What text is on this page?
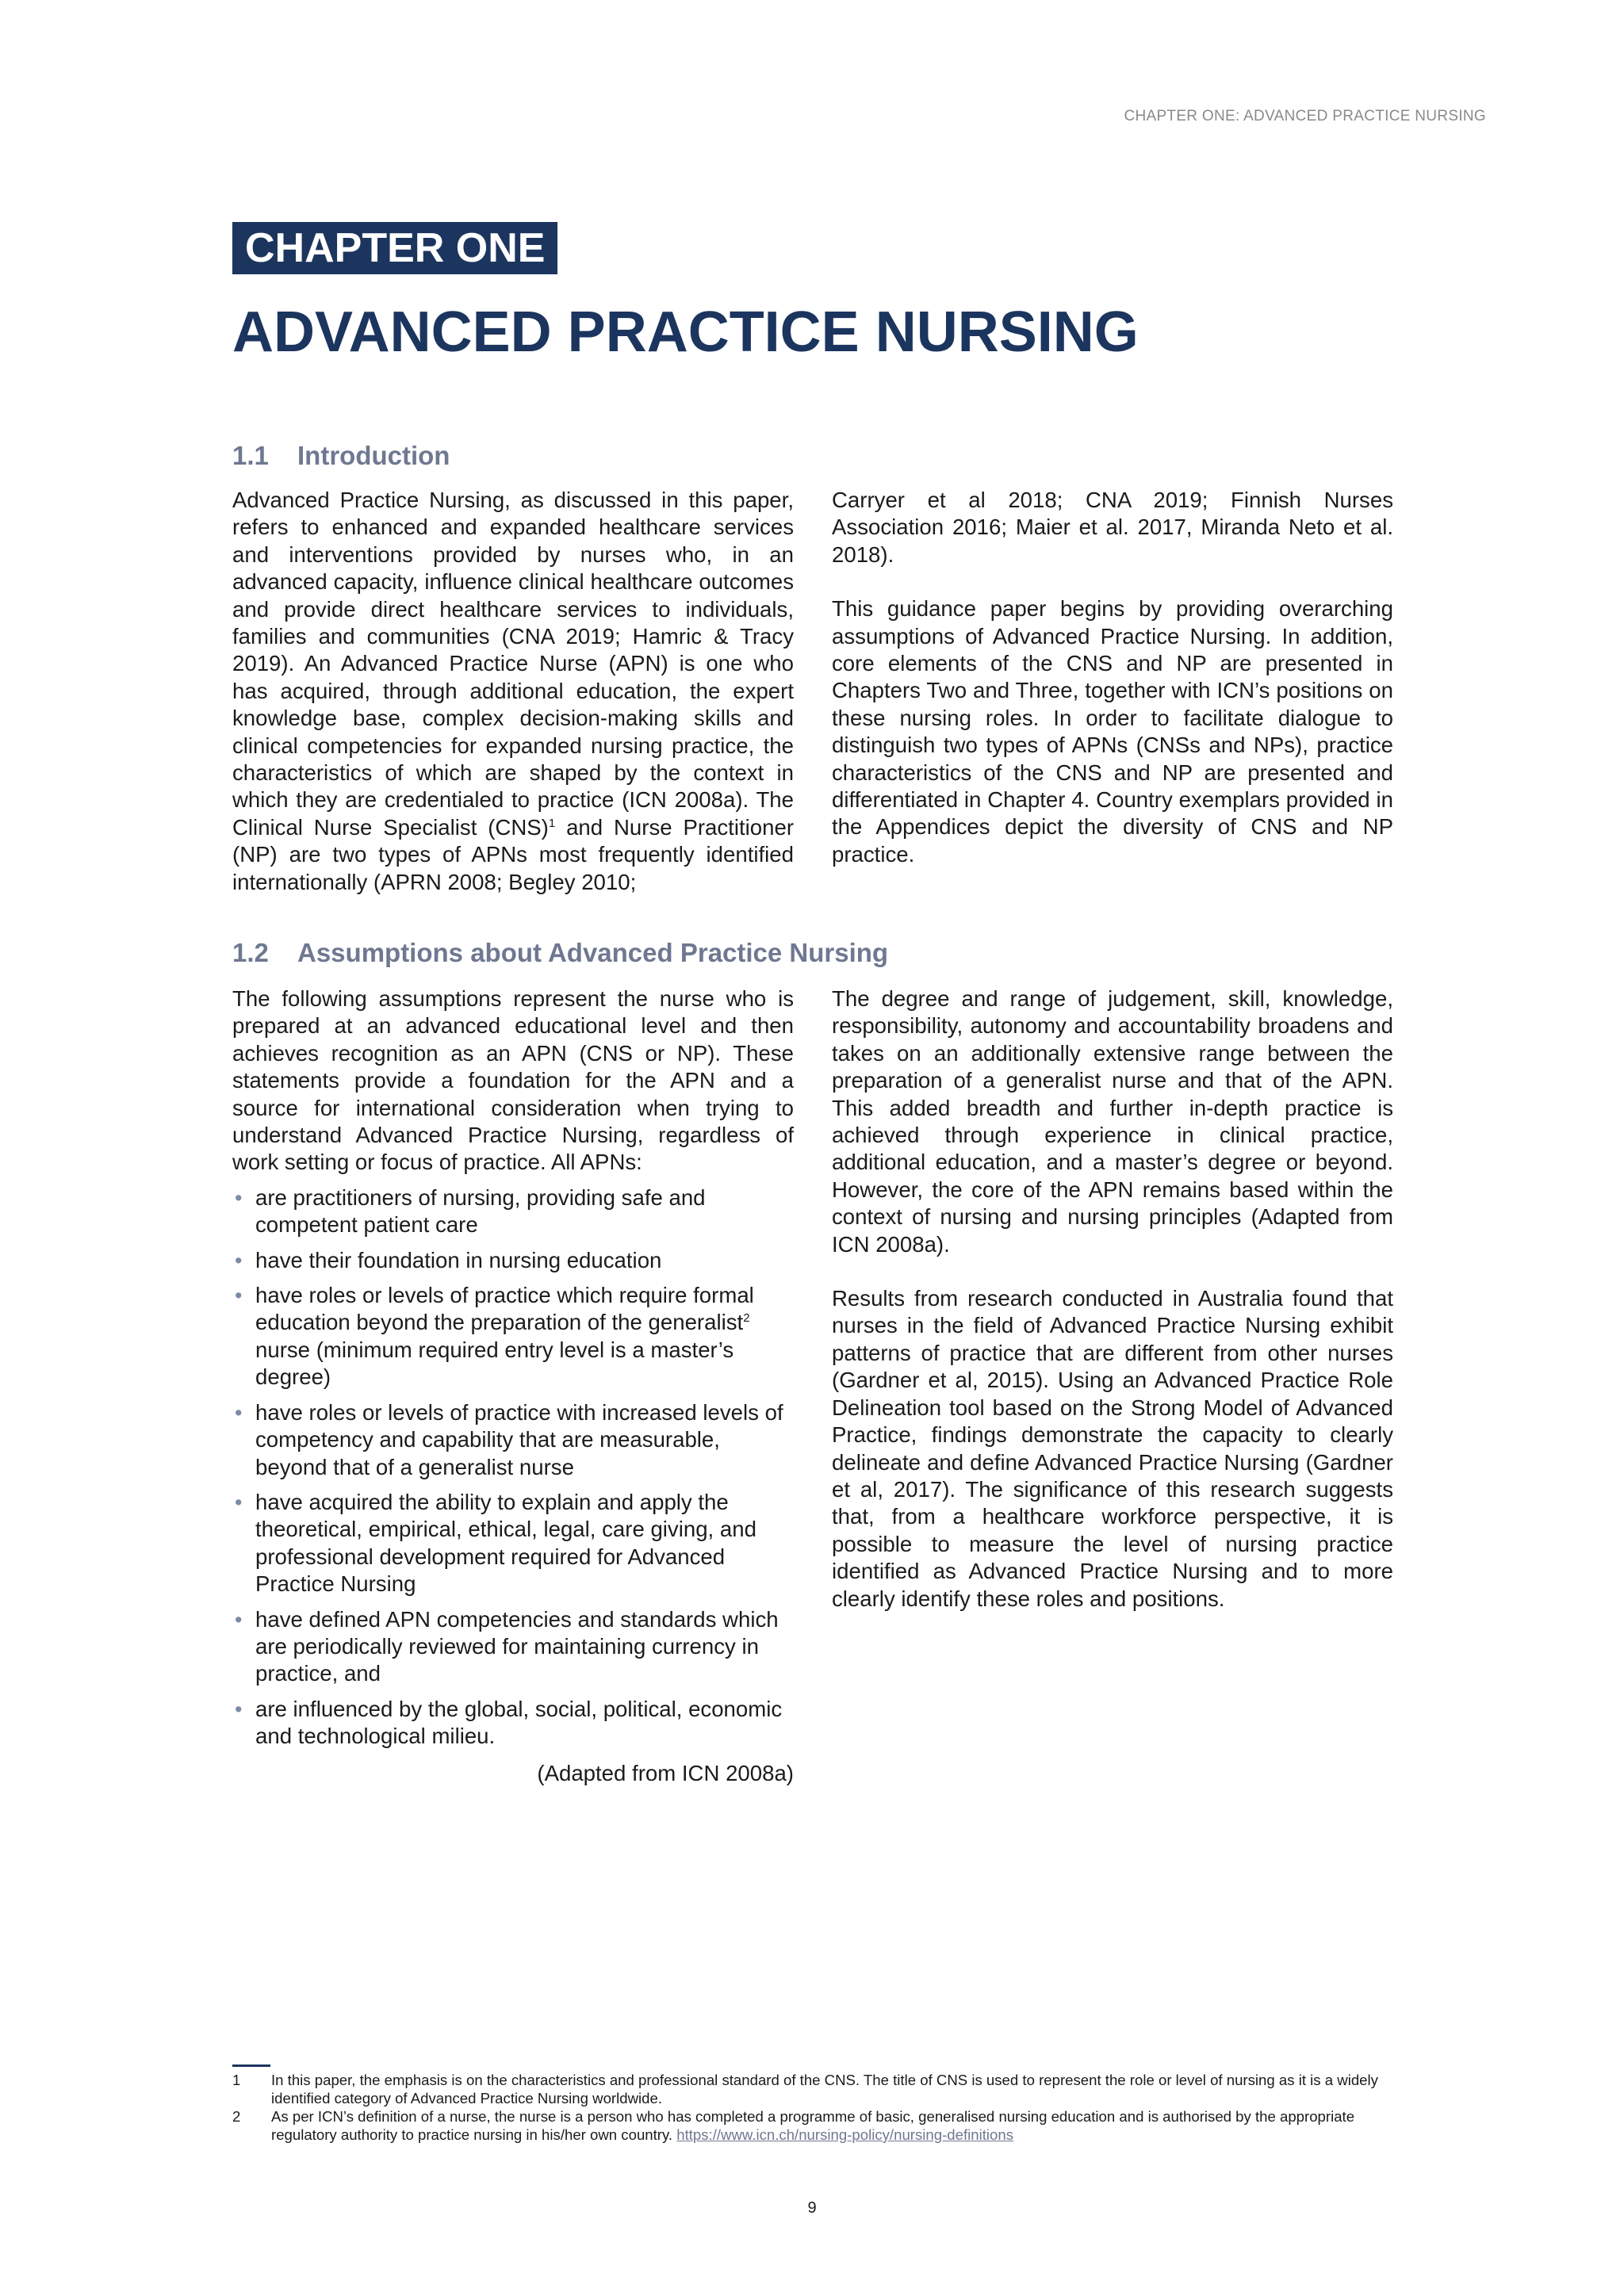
CHAPTER ONE: ADVANCED PRACTICE NURSING
CHAPTER ONE
ADVANCED PRACTICE NURSING
1.1 Introduction

Advanced Practice Nursing, as discussed in this paper, refers to enhanced and expanded healthcare services and interventions provided by nurses who, in an advanced capacity, influence clinical healthcare outcomes and provide direct healthcare services to individuals, families and communities (CNA 2019; Hamric & Tracy 2019). An Advanced Practice Nurse (APN) is one who has acquired, through additional education, the expert knowledge base, complex decision-making skills and clinical competencies for expanded nursing practice, the characteristics of which are shaped by the context in which they are credentialed to practice (ICN 2008a). The Clinical Nurse Specialist (CNS)$^1$ and Nurse Practitioner (NP) are two types of APNs most frequently identified internationally (APRN 2008; Begley 2010;

Carryer et al 2018; CNA 2019; Finnish Nurses Association 2016; Maier et al. 2017, Miranda Neto et al. 2018).

This guidance paper begins by providing overarching assumptions of Advanced Practice Nursing. In addition, core elements of the CNS and NP are presented in Chapters Two and Three, together with ICN’s positions on these nursing roles. In order to facilitate dialogue to distinguish two types of APNs (CNSs and NPs), practice characteristics of the CNS and NP are presented and differentiated in Chapter 4. Country exemplars provided in the Appendices depict the diversity of CNS and NP practice.

1.2 Assumptions about Advanced Practice Nursing

The following assumptions represent the nurse who is prepared at an advanced educational level and then achieves recognition as an APN (CNS or NP). These statements provide a foundation for the APN and a source for international consideration when trying to understand Advanced Practice Nursing, regardless of work setting or focus of practice. All APNs:

• are practitioners of nursing, providing safe and competent patient care
• have their foundation in nursing education
• have roles or levels of practice which require formal education beyond the preparation of the generalist$^2$ nurse (minimum required entry level is a master’s degree)
• have roles or levels of practice with increased levels of competency and capability that are measurable, beyond that of a generalist nurse
• have acquired the ability to explain and apply the theoretical, empirical, ethical, legal, care giving, and professional development required for Advanced Practice Nursing
• have defined APN competencies and standards which are periodically reviewed for maintaining currency in practice, and
• are influenced by the global, social, political, economic and technological milieu.

(Adapted from ICN 2008a)

The degree and range of judgement, skill, knowledge, responsibility, autonomy and accountability broadens and takes on an additionally extensive range between the preparation of a generalist nurse and that of the APN. This added breadth and further in-depth practice is achieved through experience in clinical practice, additional education, and a master’s degree or beyond. However, the core of the APN remains based within the context of nursing and nursing principles (Adapted from ICN 2008a).

Results from research conducted in Australia found that nurses in the field of Advanced Practice Nursing exhibit patterns of practice that are different from other nurses (Gardner et al, 2015). Using an Advanced Practice Role Delineation tool based on the Strong Model of Advanced Practice, findings demonstrate the capacity to clearly delineate and define Advanced Practice Nursing (Gardner et al, 2017). The significance of this research suggests that, from a healthcare workforce perspective, it is possible to measure the level of nursing practice identified as Advanced Practice Nursing and to more clearly identify these roles and positions.

1 In this paper, the emphasis is on the characteristics and professional standard of the CNS. The title of CNS is used to represent the role or level of nursing as it is a widely identified category of Advanced Practice Nursing worldwide.
2 As per ICN’s definition of a nurse, the nurse is a person who has completed a programme of basic, generalised nursing education and is authorised by the appropriate regulatory authority to practice nursing in his/her own country. https://www.icn.ch/nursing-policy/nursing-definitions
9
